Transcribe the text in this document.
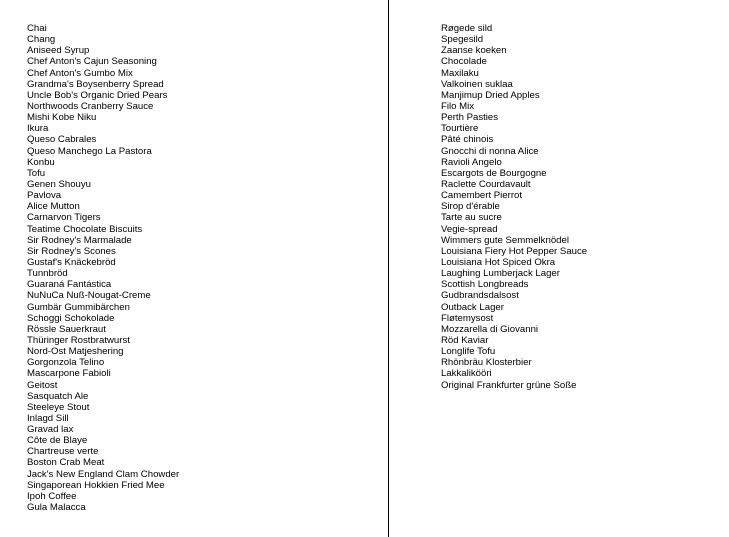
Chai
Chang
Aniseed Syrup
Chef Anton's Cajun Seasoning
Chef Anton's Gumbo Mix
Grandma's Boysenberry Spread
Uncle Bob's Organic Dried Pears
Northwoods Cranberry Sauce
Mishi Kobe Niku
Ikura
Queso Cabrales
Queso Manchego La Pastora
Konbu
Tofu
Genen Shouyu
Pavlova
Alice Mutton
Carnarvon Tigers
Teatime Chocolate Biscuits
Sir Rodney's Marmalade
Sir Rodney's Scones
Gustaf's Knäckebröd
Tunnbröd
Guaraná Fantástica
NuNuCa Nuß-Nougat-Creme
Gumbär Gummibärchen
Schoggi Schokolade
Rössle Sauerkraut
Thüringer Rostbratwurst
Nord-Ost Matjeshering
Gorgonzola Telino
Mascarpone Fabioli
Geitost
Sasquatch Ale
Steeleye Stout
Inlagd Sill
Gravad lax
Côte de Blaye
Chartreuse verte
Boston Crab Meat
Jack's New England Clam Chowder
Singaporean Hokkien Fried Mee
Ipoh Coffee
Gula Malacca
Røgede sild
Spegesild
Zaanse koeken
Chocolade
Maxilaku
Valkoinen suklaa
Manjimup Dried Apples
Filo Mix
Perth Pasties
Tourtière
Pâté chinois
Gnocchi di nonna Alice
Ravioli Angelo
Escargots de Bourgogne
Raclette Courdavault
Camembert Pierrot
Sirop d'érable
Tarte au sucre
Vegie-spread
Wimmers gute Semmelknödel
Louisiana Fiery Hot Pepper Sauce
Louisiana Hot Spiced Okra
Laughing Lumberjack Lager
Scottish Longbreads
Gudbrandsdalsost
Outback Lager
Fløtemysost
Mozzarella di Giovanni
Röd Kaviar
Longlife Tofu
Rhönbräu Klosterbier
Lakkalikööri
Original Frankfurter grüne Soße
